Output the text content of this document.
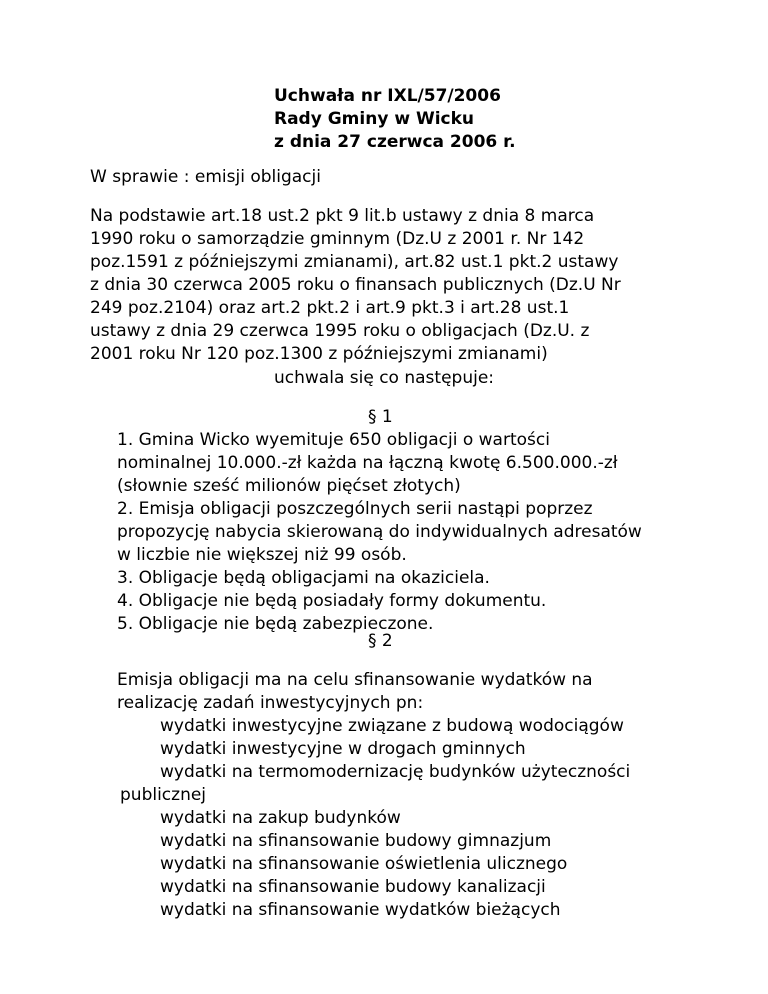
Uchwała nr IXL/57/2006
Rady Gminy w Wicku
z dnia 27 czerwca 2006 r.
W sprawie : emisji obligacji
Na podstawie art.18 ust.2 pkt 9 lit.b ustawy z dnia 8 marca
1990 roku o samorządzie gminnym (Dz.U z 2001 r. Nr 142
poz.1591 z późniejszymi zmianami), art.82 ust.1 pkt.2 ustawy
z dnia 30 czerwca 2005 roku o finansach publicznych (Dz.U Nr
249 poz.2104) oraz art.2 pkt.2 i art.9 pkt.3 i art.28 ust.1
ustawy z dnia 29 czerwca 1995 roku o obligacjach (Dz.U. z
2001 roku Nr 120 poz.1300 z późniejszymi zmianami)
uchwala się co następuje:
§ 1
1. Gmina Wicko wyemituje 650 obligacji o wartości
nominalnej 10.000.-zł każda na łączną kwotę 6.500.000.-zł
(słownie sześć milionów pięćset złotych)
2. Emisja obligacji poszczególnych serii nastąpi poprzez
propozycję nabycia skierowaną do indywidualnych adresatów
w liczbie nie większej niż 99 osób.
3. Obligacje będą obligacjami na okaziciela.
4. Obligacje nie będą posiadały formy dokumentu.
5. Obligacje nie będą zabezpieczone.
§ 2
Emisja obligacji ma na celu sfinansowanie wydatków na
realizację zadań inwestycyjnych pn:
wydatki inwestycyjne związane z budową wodociągów
wydatki inwestycyjne w drogach gminnych
wydatki na termomodernizację budynków użyteczności
publicznej
wydatki na zakup budynków
wydatki na sfinansowanie budowy gimnazjum
wydatki na sfinansowanie oświetlenia ulicznego
wydatki na sfinansowanie budowy kanalizacji
wydatki na sfinansowanie wydatków bieżących
